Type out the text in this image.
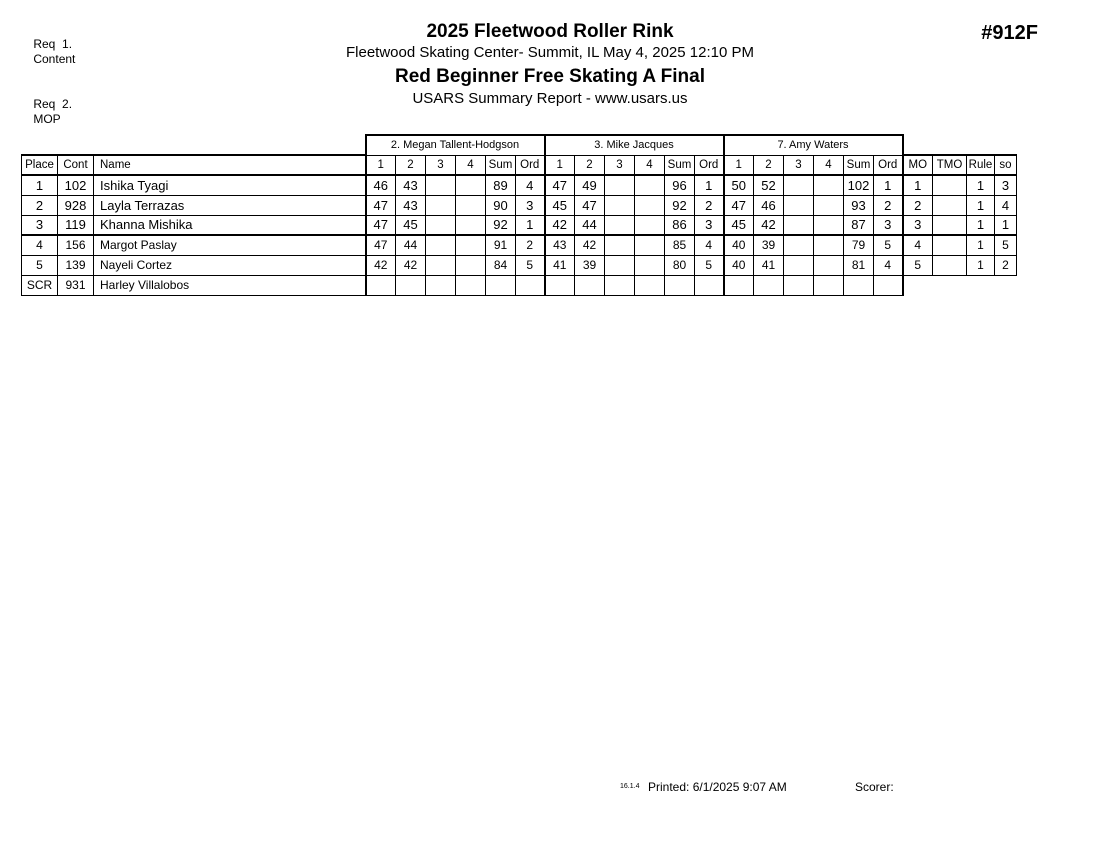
Req  1.
Content

Req  2.
MOP

2025 Fleetwood Roller Rink
Fleetwood Skating Center- Summit, IL May 4, 2025 12:10 PM
Red Beginner Free Skating A Final
USARS Summary Report - www.usars.us
#912F
			2. Megan Tallent-Hodgson						3. Mike Jacques						7. Amy Waters									
Place	Cont	Name	1	2	3	4	Sum	Ord	1	2	3	4	Sum	Ord	1	2	3	4	Sum	Ord	MO	TMO	Rule	so
1	102	Ishika Tyagi	46	43			89	4	47	49			96	1	50	52			102	1	1		1	3
2	928	Layla Terrazas	47	43			90	3	45	47			92	2	47	46			93	2	2		1	4
3	119	Khanna Mishika	47	45			92	1	42	44			86	3	45	42			87	3	3		1	1
4	156	Margot Paslay	47	44			91	2	43	42			85	4	40	39			79	5	4		1	5
5	139	Nayeli Cortez	42	42			84	5	41	39			80	5	40	41			81	4	5		1	2
SCR	931	Harley Villalobos																						
16.1.4 Printed: 6/1/2025 9:07 AM	Scorer:
